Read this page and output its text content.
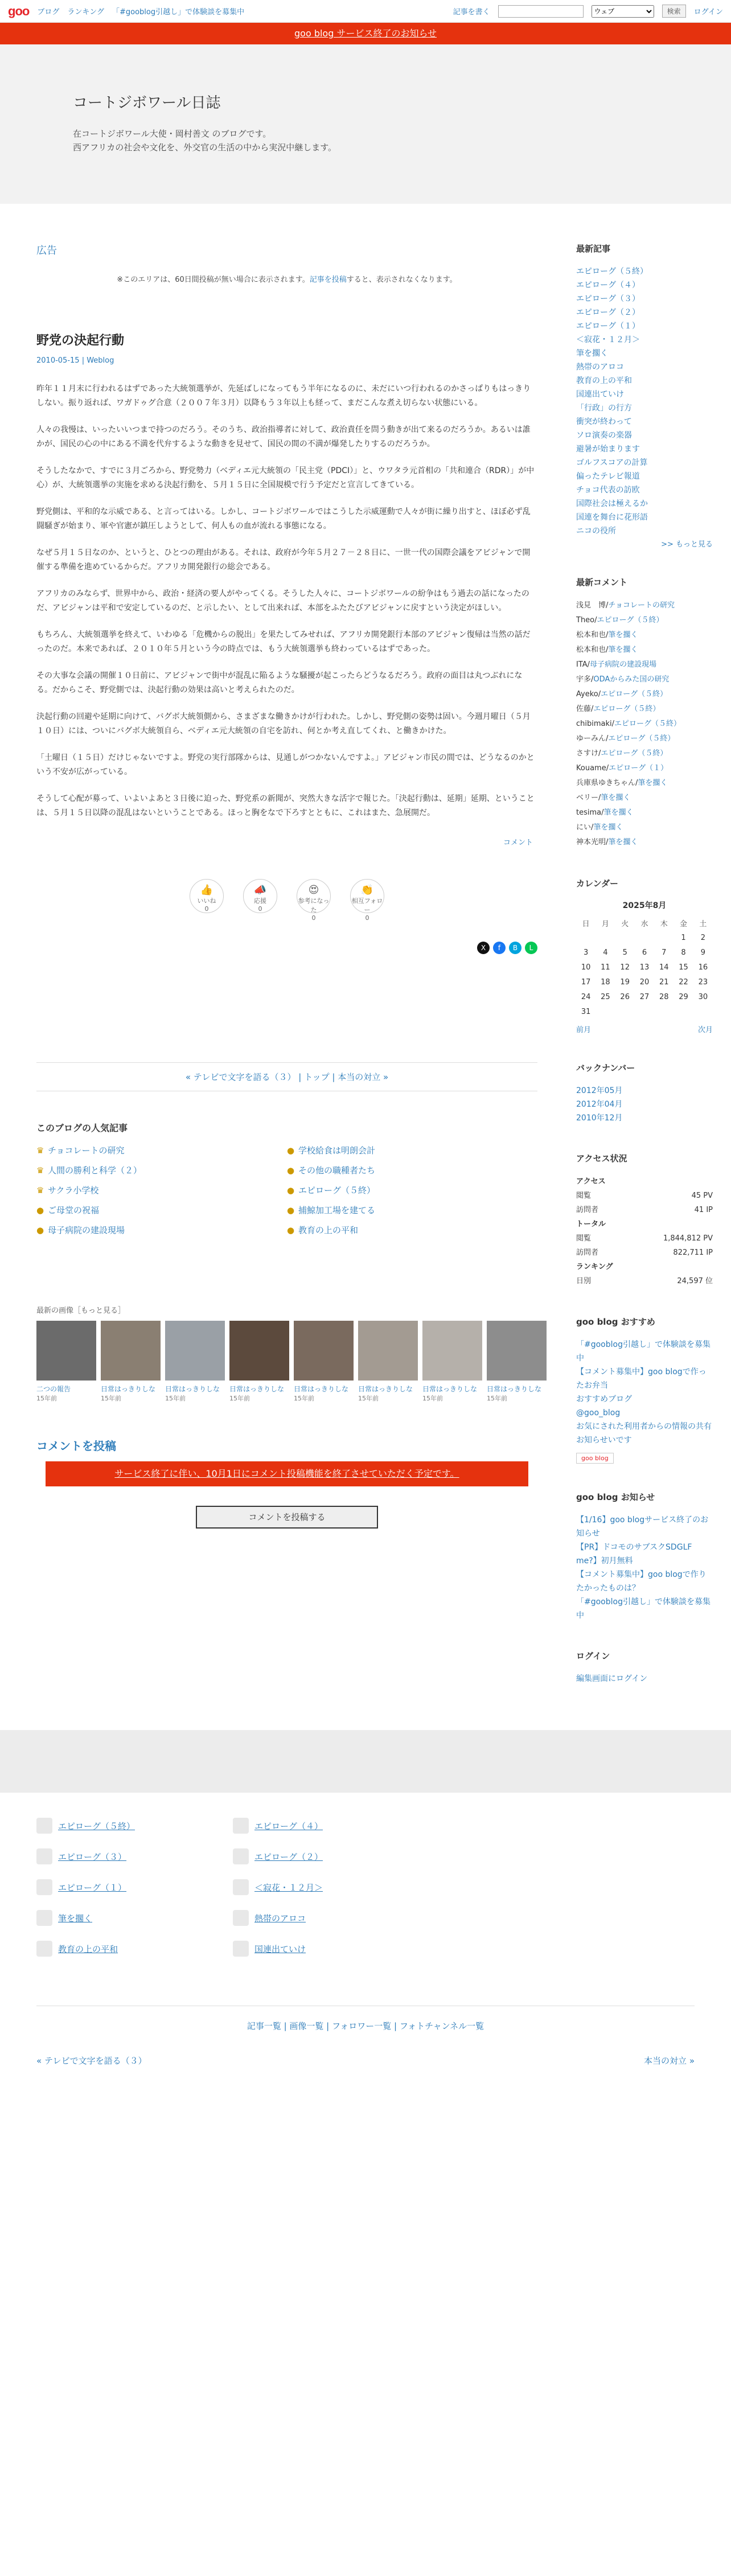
goo ブログ ランキング 「#gooblog引越し」で体験談を募集中	記事を書く
ウェブ	検索	ログイン
goo blog サービス終了のお知らせ
コートジボワール日誌

在コートジボワール大使・岡村善文 のブログです。

西アフリカの社会や文化を、外交官の生活の中から実況中継します。

広告
※このエリアは、60日間投稿が無い場合に表示されます。記事を投稿すると、表示されなくなります。
野党の決起行動
2010-05-15 | Weblog

昨年１１月末に行われるはずであった大統領選挙が、先延ばしになってもう半年になるのに、未だにいつ行われるのかさっぱりもはっきりしない。振り返れば、ワガドゥグ合意（２００７年３月）以降もう３年以上も経って、まだこんな煮え切らない状態にいる。

人々の我慢は、いったいいつまで持つのだろう。そのうち、政治指導者に対して、政治責任を問う動きが出て来るのだろうか。あるいは誰かが、国民の心の中にある不満を代弁するような動きを見せて、国民の間の不満が爆発したりするのだろうか。

そうしたなかで、すでに３月ごろから、野党勢力（ベディエ元大統領の「民主党（PDCI）」と、ウワタラ元首相の「共和連合（RDR）」が中心）が、大統領選挙の実施を求める決起行動を、５月１５日に全国規模で行う予定だと宣言してきている。

野党側は、平和的な示威である、と言ってはいる。しかし、コートジボワールではこうした示威運動で人々が街に繰り出すと、ほぼ必ず乱闘騒ぎが始まり、軍や官憲が鎮圧しようとして、何人もの血が流れる事態になる。

なぜ５月１５日なのか、というと、ひとつの理由がある。それは、政府が今年５月２７－２８日に、一世一代の国際会議をアビジャンで開催する準備を進めているからだ。アフリカ開発銀行の総会である。

アフリカのみならず、世界中から、政治・経済の要人がやってくる。そうした人々に、コートジボワールの紛争はもう過去の話になったのだ、アビジャンは平和で安定しているのだ、と示したい、として出来れば、本部をふたたびアビジャンに戻すという決定がほしい。

もちろん、大統領選挙を終えて、いわゆる「危機からの脱出」を果たしてみせれば、アフリカ開発銀行本部のアビジャン復帰は当然の話だったのだ。本来であれば、２０１０年５月という今の時点では、もう大統領選挙も終わっているはずであった。

その大事な会議の開催１０日前に、アビジャンで街中が混乱に陥るような騒擾が起こったらどうなるだろう。政府の面目は丸つぶれになる。だからこそ、野党側では、決起行動の効果は高いと考えられたのだ。

決起行動の回避や延期に向けて、バグボ大統領側から、さまざまな働きかけが行われた。しかし、野党側の姿勢は固い。今週月曜日（５月１０日）には、ついにバグボ大統領自ら、ベディエ元大統領の自宅を訪れ、何とか考え直してくれ、と働きかけた。

「土曜日（１５日）だけじゃないですよ。野党の実行部隊からは、見通しがつかないんですよ。」アビジャン市民の間では、どうなるのかという不安が広がっている。

そうして心配が募って、いよいよあと３日後に迫った、野党系の新聞が、突然大きな活字で報じた。「決起行動は、延期」延期、ということは、５月１５日以降の混乱はないということである。ほっと胸をなで下ろすとともに、これはまた、急展開だ。

コメント
👍
いいね
0
📣
応援
0
😍
参考になった
0
👏
相互フォロー
0
X	f	B	L
« テレビで文字を語る（３） | トップ | 本当の対立 »
このブログの人気記事
♛ チョコレートの研究	● 学校給食は明朗会計
♛ 人間の勝利と科学（２）	● その他の職種者たち
♛ サクラ小学校	● エピローグ（５終）
● ご母堂の祝福	● 捕鯨加工場を建てる
● 母子病院の建設現場	● 教育の上の平和
最新の画像［もっと見る］
二つの報告
15年前
日常はっきりしな
15年前
日常はっきりしな
15年前
日常はっきりしな
15年前
日常はっきりしな
15年前
日常はっきりしな
15年前
日常はっきりしな
15年前
日常はっきりしな
15年前
コメントを投稿
サービス終了に伴い、10月1日にコメント投稿機能を終了させていただく予定です。
コメントを投稿する
最新記事
エピローグ（５終）
エピローグ（４）
エピローグ（３）
エピローグ（２）
エピローグ（１）
＜寂花・１２月＞
筆を擱く
熱帯のアロコ
教育の上の平和
国連出ていけ
「行政」の行方
衝突が終わって
ソロ演奏の楽器
避暑が始まります
ゴルフスコアの計算
偏ったテレビ報道
チョコ代表の訪欧
国際社会は極えるか
国連を舞台に花形語
ニコの役所
>> もっと見る
最新コメント
浅見　博/チョコレートの研究
Theo/エピローグ（５終）
松本和也/筆を擱く
松本和也/筆を擱く
ITA/母子病院の建設現場
宇多/ODAからみた国の研究
Ayeko/エピローグ（５終）
佐藤/エピローグ（５終）
chibimaki/エピローグ（５終）
ゆーみん/エピローグ（５終）
さすけ/エピローグ（５終）
Kouame/エピローグ（１）
兵庫県ゆきちゃん/筆を擱く
ベリー/筆を擱く
tesima/筆を擱く
にい/筆を擱く
神本光明/筆を擱く
カレンダー
2025年8月
日	月	火	水	木	金	土
					1	2
3	4	5	6	7	8	9
10	11	12	13	14	15	16
17	18	19	20	21	22	23
24	25	26	27	28	29	30
31						
前月	次月
バックナンバー
2012年05月
2012年04月
2010年12月
アクセス状況
アクセス
閲覧	45 PV
訪問者	41 IP
トータル
閲覧	1,844,812 PV
訪問者	822,711 IP
ランキング
日別	24,597 位
goo blog おすすめ
「#gooblog引越し」で体験談を募集中
【コメント募集中】goo blogで作ったお弁当
おすすめブログ
@goo_blog
お気にされた利用者からの情報の共有お知らせいです
goo blog
goo blog お知らせ
【1/16】goo blogサービス終了のお知らせ
【PR】ドコモのサブスクSDGLF me?】初月無料
【コメント募集中】goo blogで作りたかったものは？
「#gooblog引越し」で体験談を募集中
ログイン
編集画面にログイン
エピローグ（５終）	エピローグ（４）
エピローグ（３）	エピローグ（２）
エピローグ（１）	＜寂花・１２月＞
筆を擱く	熱帯のアロコ
教育の上の平和	国連出ていけ
記事一覧 | 画像一覧 | フォロワー一覧 | フォトチャンネル一覧
« テレビで文字を語る（３）	本当の対立 »
